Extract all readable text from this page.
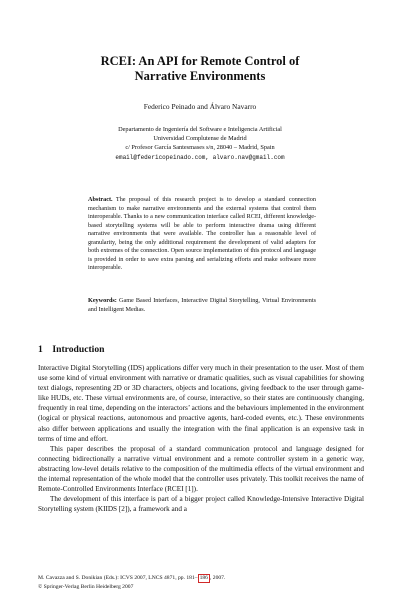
RCEI: An API for Remote Control of
Narrative Environments
Federico Peinado and Álvaro Navarro
Departamento de Ingeniería del Software e Inteligencia Artificial
Universidad Complutense de Madrid
c/ Profesor García Santesmases s/n, 28040 – Madrid, Spain
email@federicopeinado.com, alvaro.nav@gmail.com
Abstract. The proposal of this research project is to develop a standard connection mechanism to make narrative environments and the external systems that control them interoperable. Thanks to a new communication interface called RCEI, different knowledge-based storytelling systems will be able to perform interactive drama using different narrative environments that were available. The controller has a reasonable level of granularity, being the only additional requirement the development of valid adapters for both extremes of the connection. Open source implementation of this protocol and language is provided in order to save extra parsing and serializing efforts and make software more interoperable.
Keywords: Game Based Interfaces, Interactive Digital Storytelling, Virtual Environments and Intelligent Medias.
1 Introduction

Interactive Digital Storytelling (IDS) applications differ very much in their presentation to the user. Most of them use some kind of virtual environment with narrative or dramatic qualities, such as visual capabilities for showing text dialogs, representing 2D or 3D characters, objects and locations, giving feedback to the user through game-like HUDs, etc. These virtual environments are, of course, interactive, so their states are continuously changing, frequently in real time, depending on the interactors’ actions and the behaviours implemented in the environment (logical or physical reactions, autonomous and proactive agents, hard-coded events, etc.). These environments also differ between applications and usually the integration with the final application is an expensive task in terms of time and effort.

This paper describes the proposal of a standard communication protocol and language designed for connecting bidirectionally a narrative virtual environment and a remote controller system in a generic way, abstracting low-level details relative to the composition of the multimedia effects of the virtual environment and the internal representation of the whole model that the controller uses privately. This toolkit receives the name of Remote-Controlled Environments Interface (RCEI [1]).

The development of this interface is part of a bigger project called Knowledge-Intensive Interactive Digital Storytelling system (KIIDS [2]), a framework and a

M. Cavazza and S. Donikian (Eds.): ICVS 2007, LNCS 4871, pp. 181– 186 , 2007.
© Springer-Verlag Berlin Heidelberg 2007
